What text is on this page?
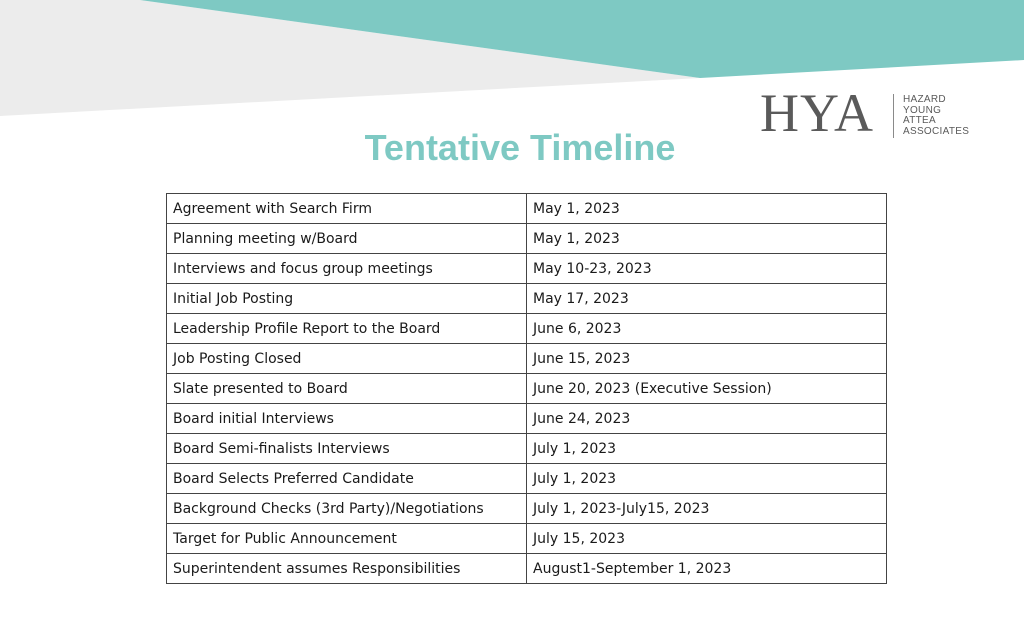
HYA	HAZARD
YOUNG
ATTEA
ASSOCIATES
Tentative Timeline
Agreement with Search Firm	May 1, 2023
Planning meeting w/Board	May 1, 2023
Interviews and focus group meetings	May 10-23, 2023
Initial Job Posting	May 17, 2023
Leadership Profile Report to the Board	June 6, 2023
Job Posting Closed	June 15, 2023
Slate presented to Board	June 20, 2023 (Executive Session)
Board initial Interviews	June 24, 2023
Board Semi-finalists Interviews	July 1, 2023
Board Selects Preferred Candidate	July 1, 2023
Background Checks (3rd Party)/Negotiations	July 1, 2023-July15, 2023
Target for Public Announcement	July 15, 2023
Superintendent assumes Responsibilities	August1-September 1, 2023
